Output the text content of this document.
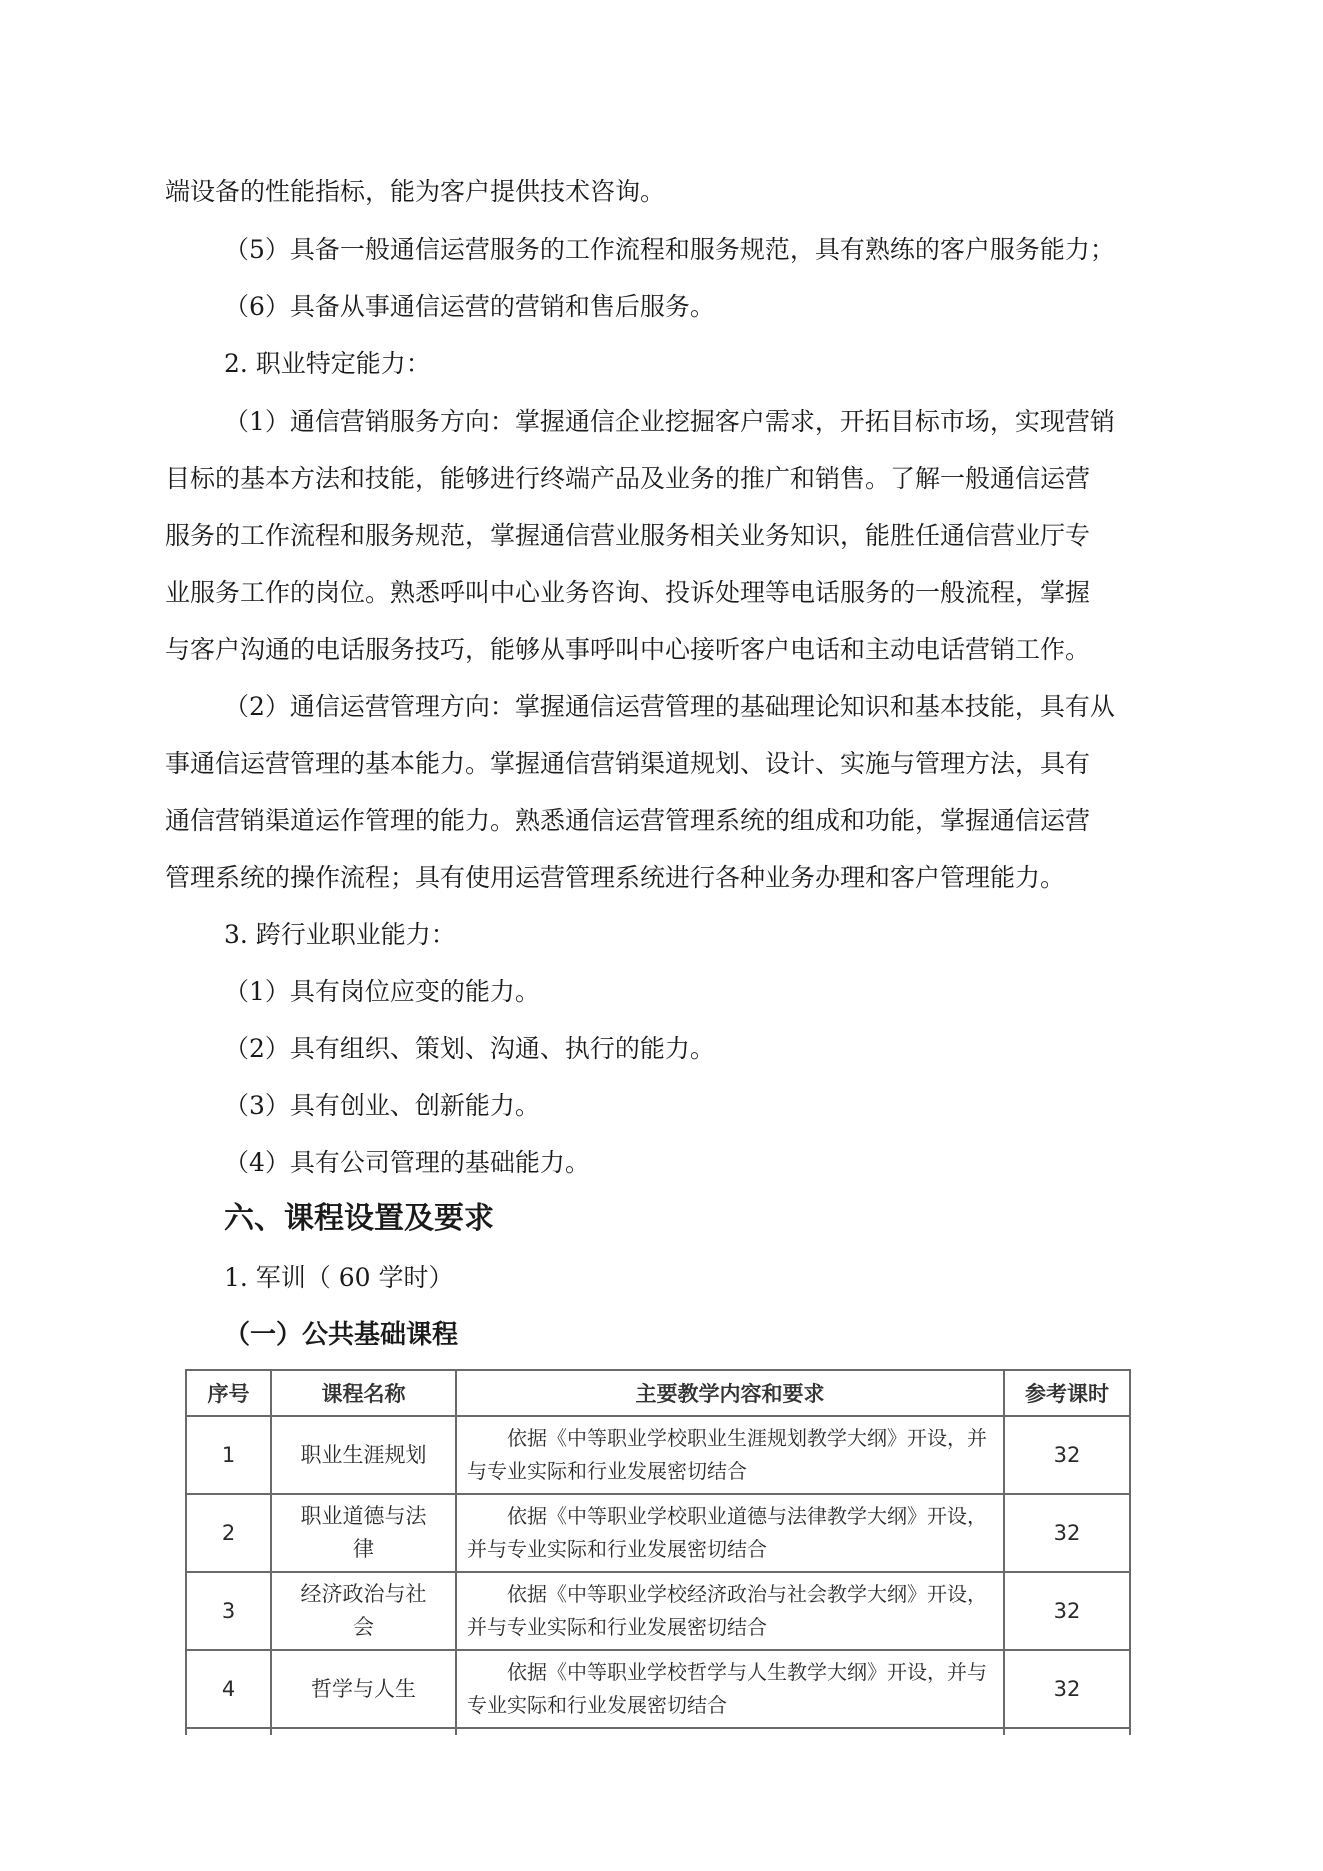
端设备的性能指标，能为客户提供技术咨询。
（5）具备一般通信运营服务的工作流程和服务规范，具有熟练的客户服务能力；
（6）具备从事通信运营的营销和售后服务。
2. 职业特定能力：
（1）通信营销服务方向：掌握通信企业挖掘客户需求，开拓目标市场，实现营销
目标的基本方法和技能，能够进行终端产品及业务的推广和销售。了解一般通信运营
服务的工作流程和服务规范，掌握通信营业服务相关业务知识，能胜任通信营业厅专
业服务工作的岗位。熟悉呼叫中心业务咨询、投诉处理等电话服务的一般流程，掌握
与客户沟通的电话服务技巧，能够从事呼叫中心接听客户电话和主动电话营销工作。
（2）通信运营管理方向：掌握通信运营管理的基础理论知识和基本技能，具有从
事通信运营管理的基本能力。掌握通信营销渠道规划、设计、实施与管理方法，具有
通信营销渠道运作管理的能力。熟悉通信运营管理系统的组成和功能，掌握通信运营
管理系统的操作流程；具有使用运营管理系统进行各种业务办理和客户管理能力。
3. 跨行业职业能力：
（1）具有岗位应变的能力。
（2）具有组织、策划、沟通、执行的能力。
（3）具有创业、创新能力。
（4）具有公司管理的基础能力。
六、课程设置及要求
1. 军训（ 60 学时）
（一）公共基础课程
序号	课程名称	主要教学内容和要求	参考课时
1	职业生涯规划	依据《中等职业学校职业生涯规划教学大纲》开设，并与专业实际和行业发展密切结合	32
2	职业道德与法律	依据《中等职业学校职业道德与法律教学大纲》开设，并与专业实际和行业发展密切结合	32
3	经济政治与社会	依据《中等职业学校经济政治与社会教学大纲》开设，并与专业实际和行业发展密切结合	32
4	哲学与人生	依据《中等职业学校哲学与人生教学大纲》开设，并与专业实际和行业发展密切结合	32
